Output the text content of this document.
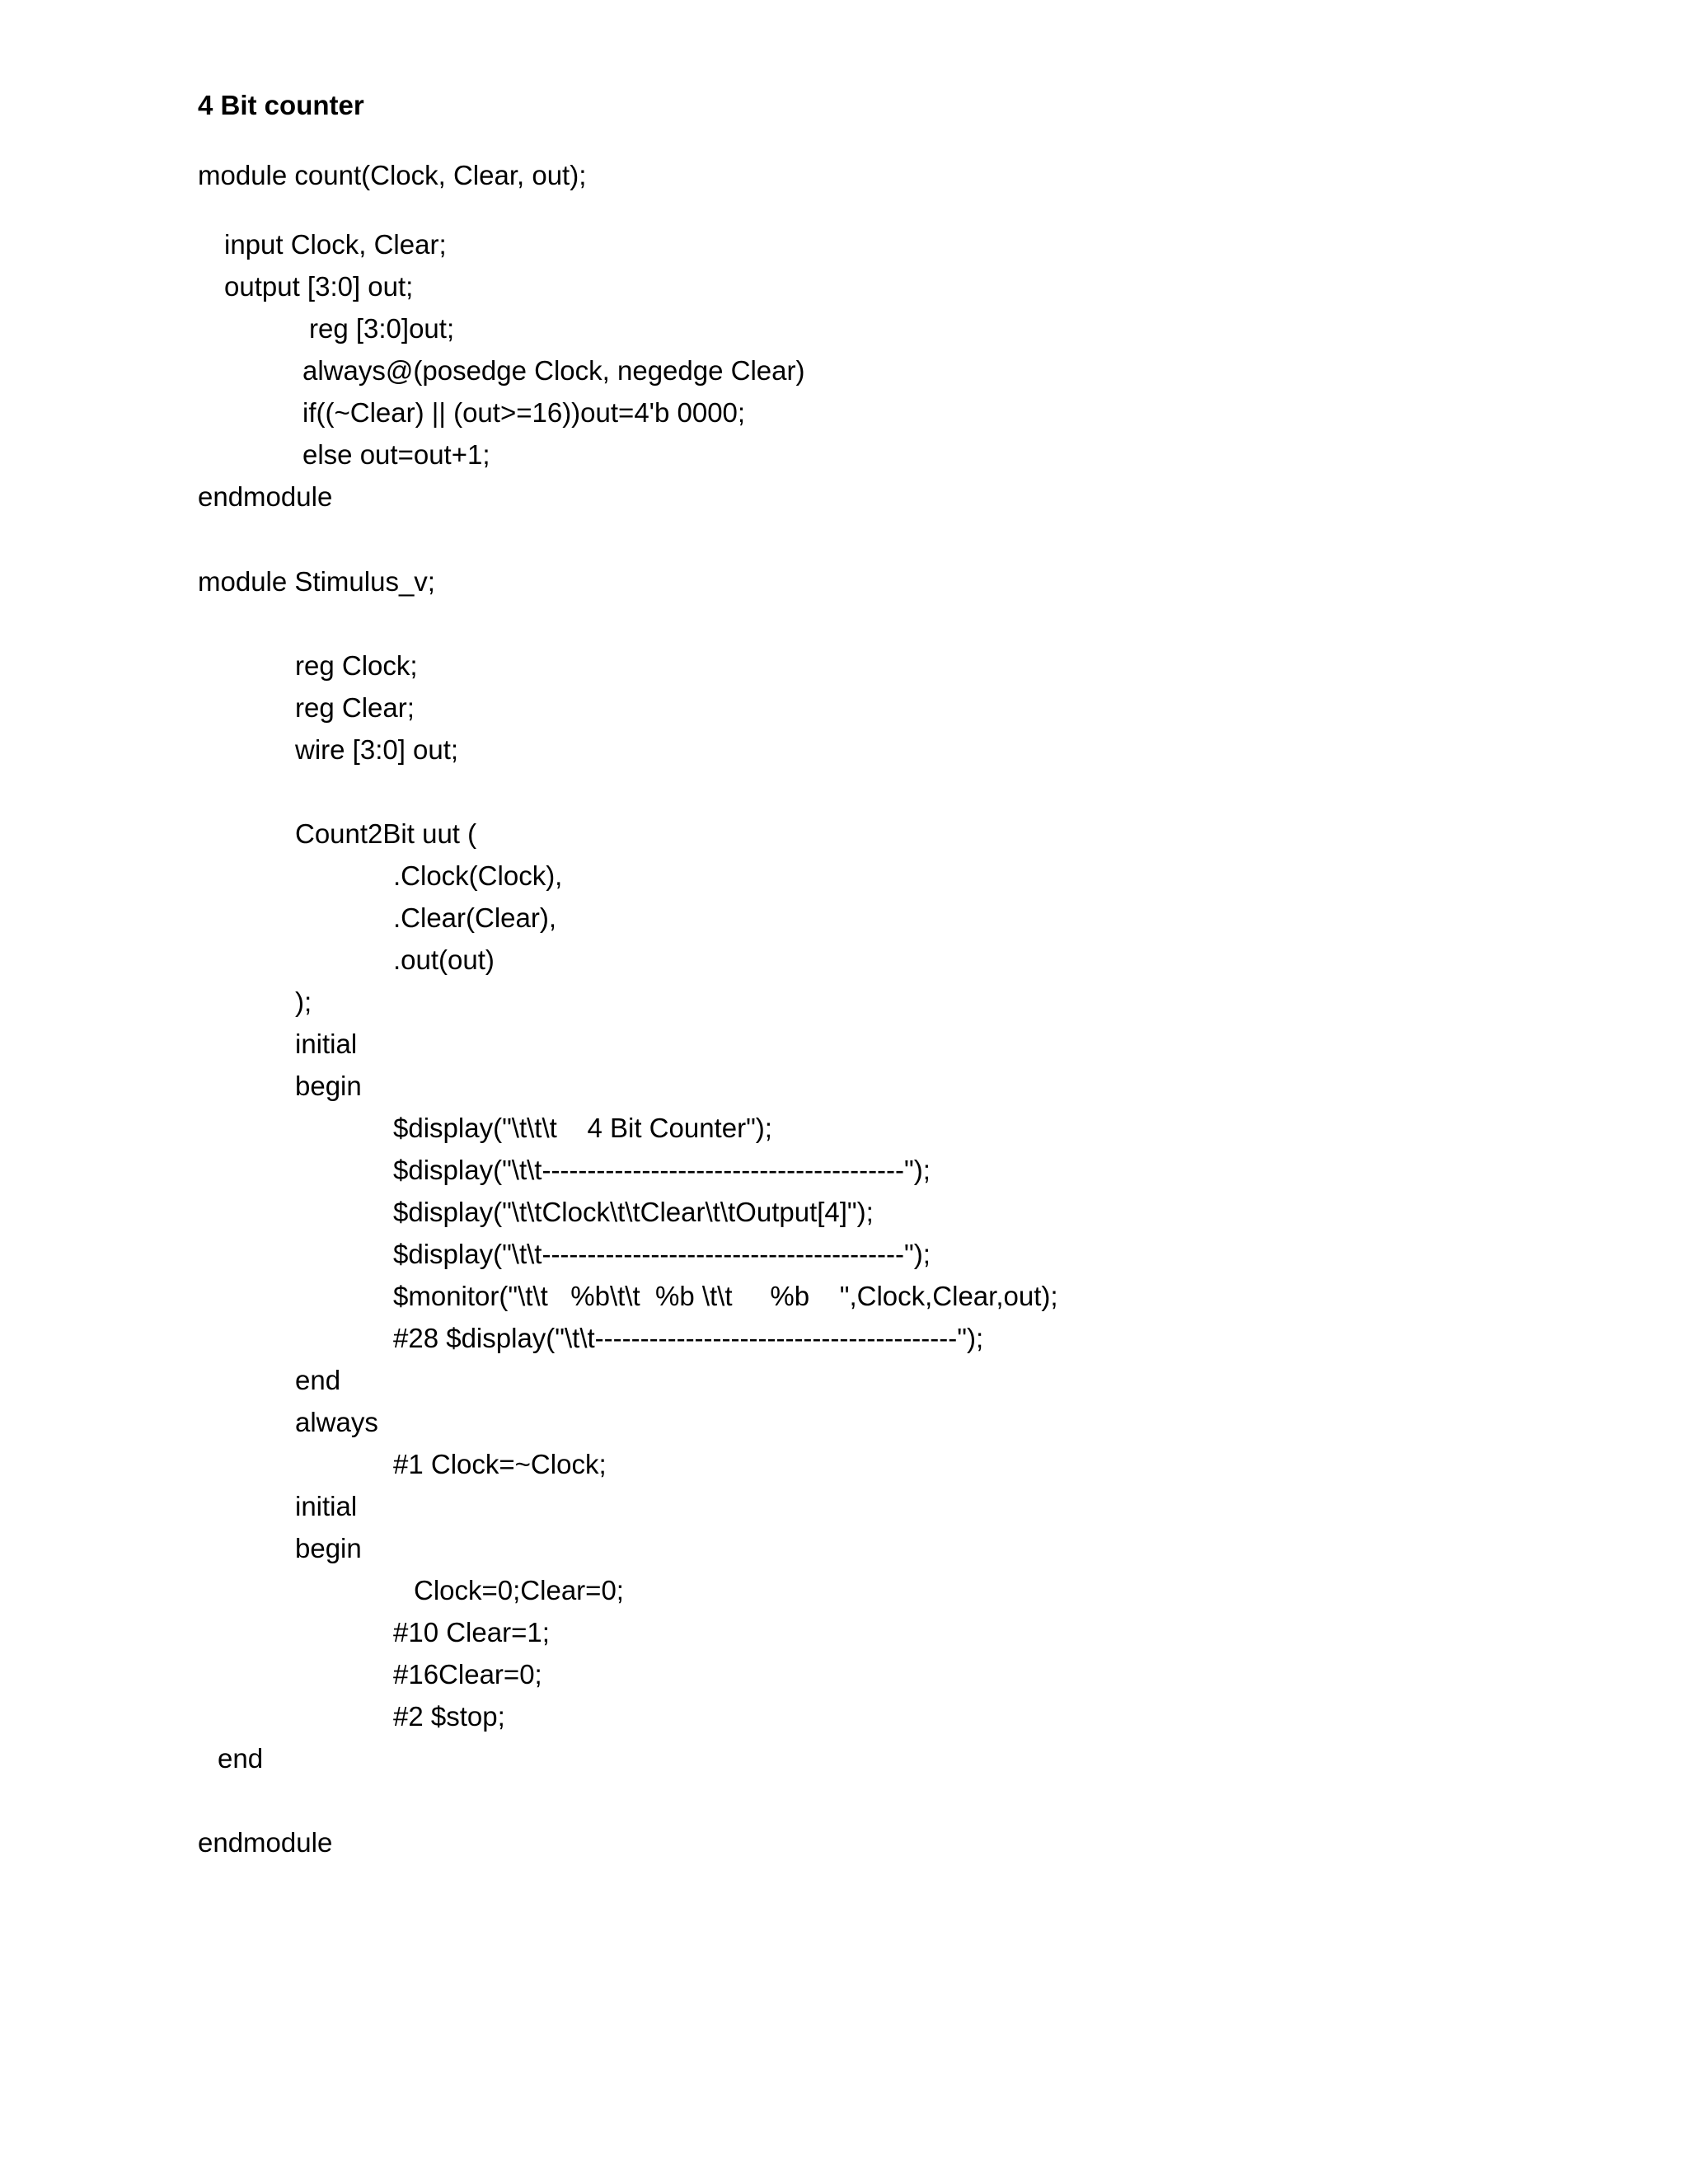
4 Bit counter
module count(Clock, Clear, out);
input Clock, Clear;
output [3:0] out;
reg [3:0]out;
always@(posedge Clock, negedge Clear)
if((~Clear) || (out>=16))out=4'b 0000;
else out=out+1;
endmodule
module Stimulus_v;
reg Clock;
reg Clear;
wire [3:0] out;
Count2Bit uut (
.Clock(Clock),
.Clear(Clear),
.out(out)
);
initial
begin
$display("\t\t\t    4 Bit Counter");
$display("\t\t----------------------------------------");
$display("\t\tClock\t\tClear\t\tOutput[4]");
$display("\t\t----------------------------------------");
$monitor("\t\t   %b\t\t  %b \t\t     %b    ",Clock,Clear,out);
#28 $display("\t\t----------------------------------------");
end
always
#1 Clock=~Clock;
initial
begin
Clock=0;Clear=0;
#10 Clear=1;
#16Clear=0;
#2 $stop;
end
endmodule
